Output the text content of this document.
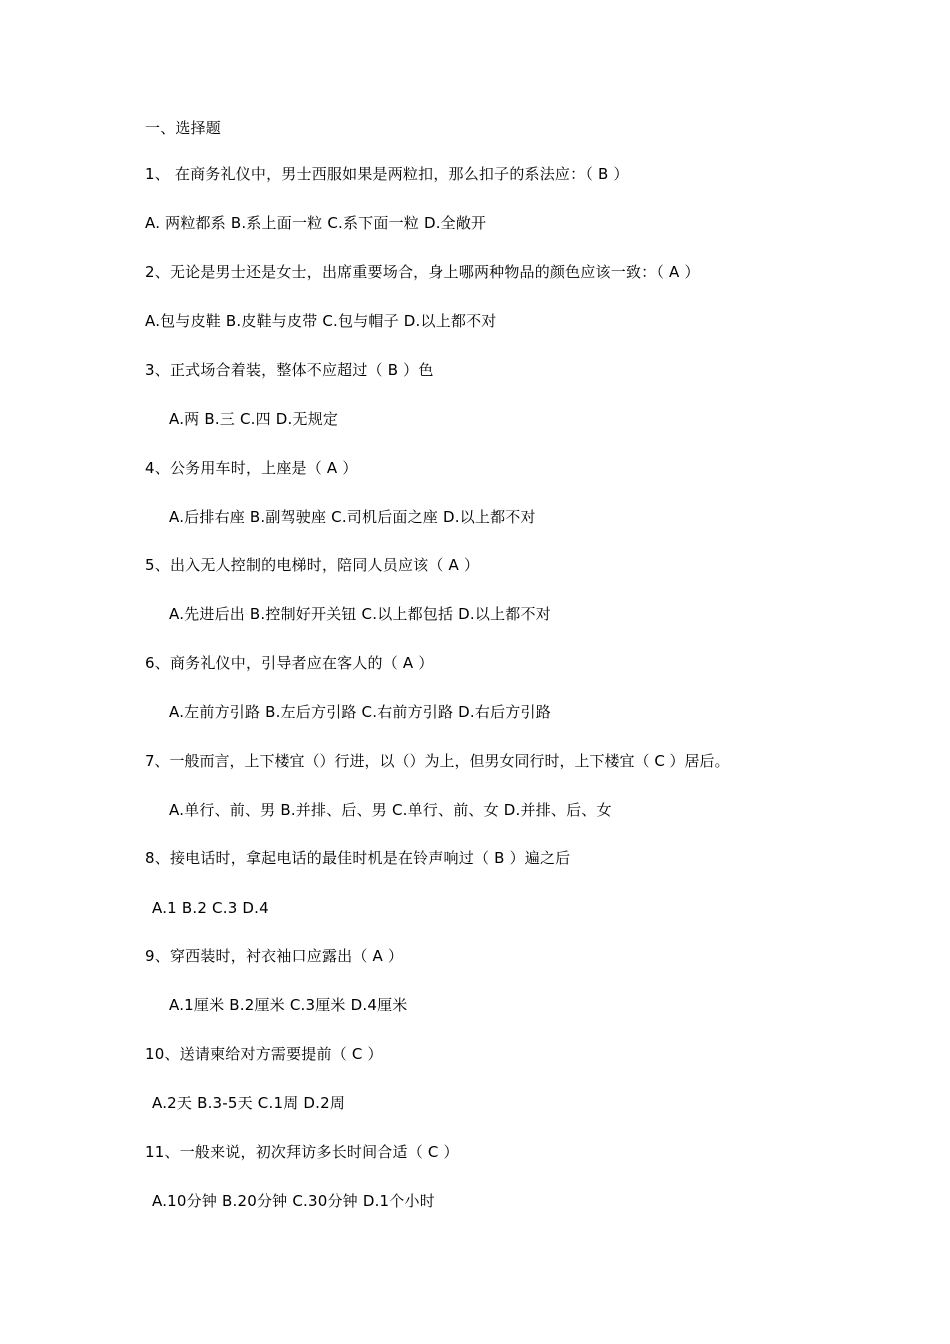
一、选择题
1、 在商务礼仪中，男士西服如果是两粒扣，那么扣子的系法应：（ B ）
A. 两粒都系 B.系上面一粒 C.系下面一粒 D.全敞开
2、无论是男士还是女士，出席重要场合，身上哪两种物品的颜色应该一致：（ A ）
A.包与皮鞋 B.皮鞋与皮带 C.包与帽子 D.以上都不对
3、正式场合着装，整体不应超过（ B ）色
A.两 B.三 C.四 D.无规定
4、公务用车时，上座是（ A ）
A.后排右座 B.副驾驶座 C.司机后面之座 D.以上都不对
5、出入无人控制的电梯时，陪同人员应该（ A ）
A.先进后出 B.控制好开关钮 C.以上都包括 D.以上都不对
6、商务礼仪中，引导者应在客人的（ A ）
A.左前方引路 B.左后方引路 C.右前方引路 D.右后方引路
7、一般而言，上下楼宜（）行进，以（）为上，但男女同行时，上下楼宜（ C ）居后。
A.单行、前、男 B.并排、后、男 C.单行、前、女 D.并排、后、女
8、接电话时，拿起电话的最佳时机是在铃声响过（ B ）遍之后
A.1 B.2 C.3 D.4
9、穿西装时，衬衣袖口应露出（ A ）
A.1厘米 B.2厘米 C.3厘米 D.4厘米
10、送请柬给对方需要提前（ C ）
A.2天 B.3-5天 C.1周 D.2周
11、一般来说，初次拜访多长时间合适（ C ）
A.10分钟 B.20分钟 C.30分钟 D.1个小时
